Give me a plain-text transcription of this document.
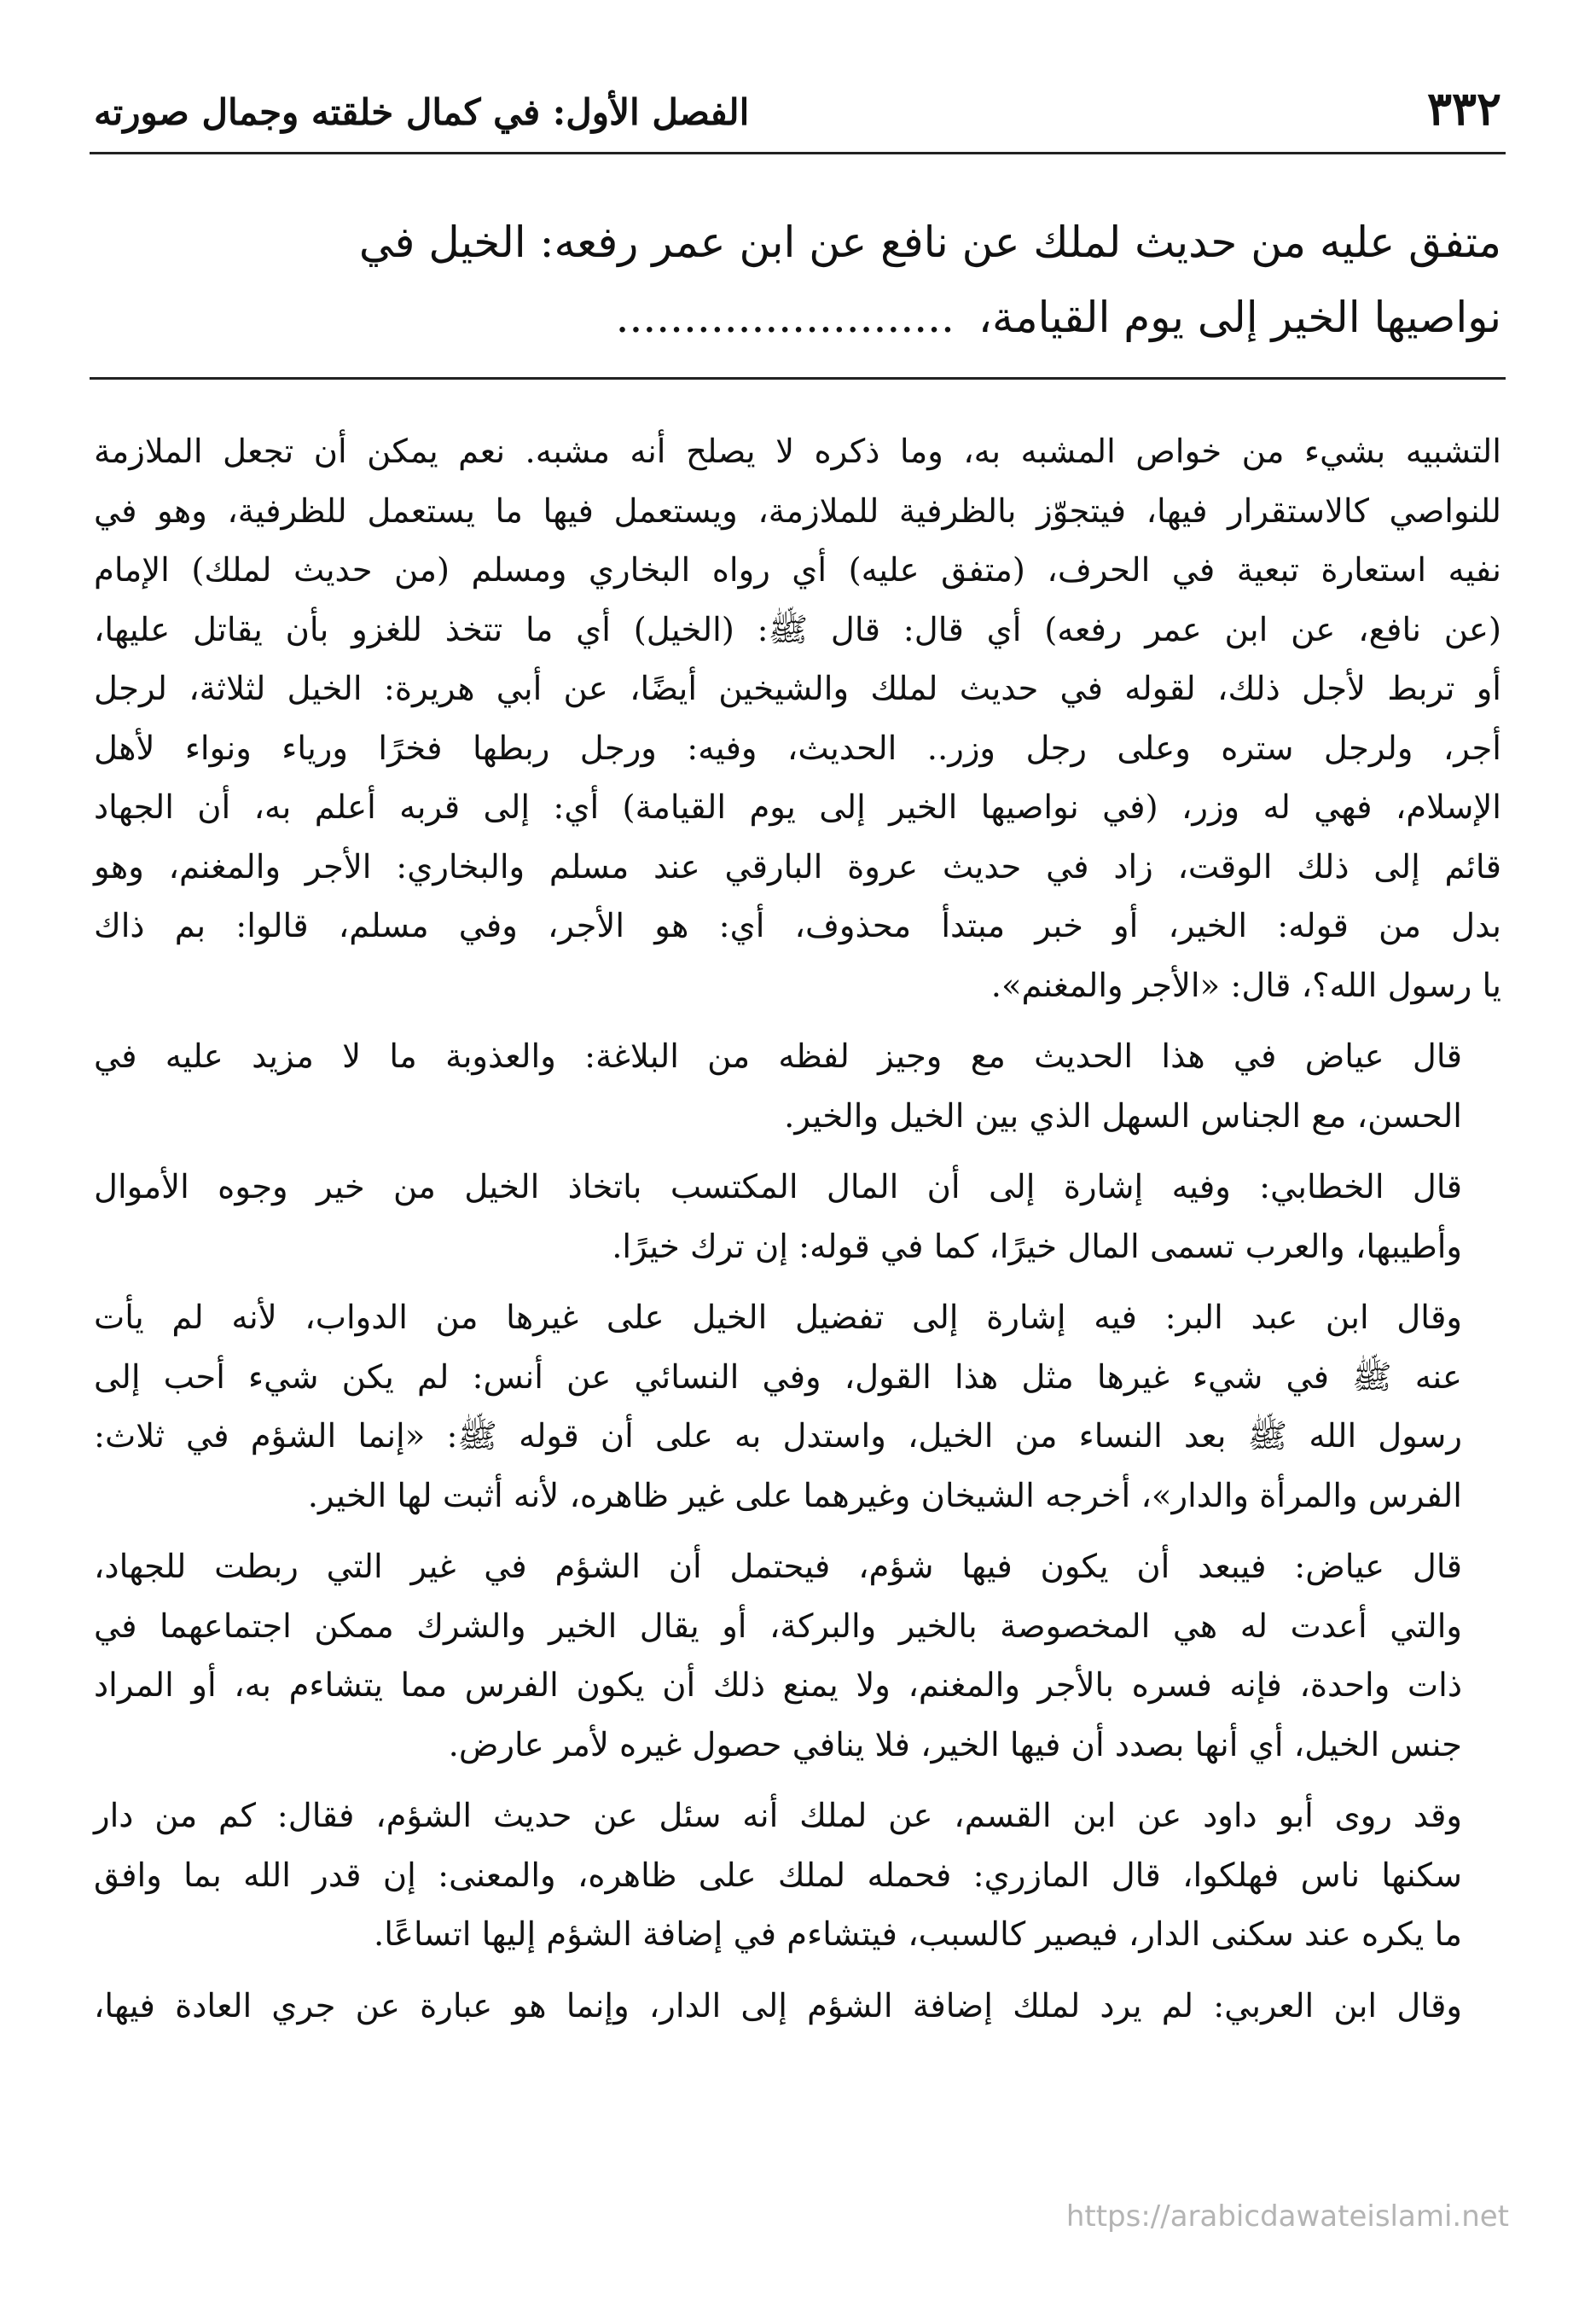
٣٣٢
الفصل الأول: في كمال خلقته وجمال صورته
متفق عليه من حديث لملك عن نافع عن ابن عمر رفعه: الخيل في
نواصيها الخير إلى يوم القيامة،.........................
التشبيه بشيء من خواص المشبه به، وما ذكره لا يصلح أنه مشبه. نعم يمكن أن تجعل الملازمة
للنواصي كالاستقرار فيها، فيتجوّز بالظرفية للملازمة، ويستعمل فيها ما يستعمل للظرفية، وهو في
نفيه استعارة تبعية في الحرف، (متفق عليه) أي رواه البخاري ومسلم (من حديث لملك) الإمام
(عن نافع، عن ابن عمر رفعه) أي قال: قال ﷺ: (الخيل) أي ما تتخذ للغزو بأن يقاتل عليها،
أو تربط لأجل ذلك، لقوله في حديث لملك والشيخين أيضًا، عن أبي هريرة: الخيل لثلاثة، لرجل
أجر، ولرجل ستره وعلى رجل وزر.. الحديث، وفيه: ورجل ربطها فخرًا ورياء ونواء لأهل
الإسلام، فهي له وزر، (في نواصيها الخير إلى يوم القيامة) أي: إلى قربه أعلم به، أن الجهاد
قائم إلى ذلك الوقت، زاد في حديث عروة البارقي عند مسلم والبخاري: الأجر والمغنم، وهو
بدل من قوله: الخير، أو خبر مبتدأ محذوف، أي: هو الأجر، وفي مسلم، قالوا: بم ذاك
يا رسول الله؟، قال: «الأجر والمغنم».
قال عياض في هذا الحديث مع وجيز لفظه من البلاغة: والعذوبة ما لا مزيد عليه في
الحسن، مع الجناس السهل الذي بين الخيل والخير.
قال الخطابي: وفيه إشارة إلى أن المال المكتسب باتخاذ الخيل من خير وجوه الأموال
وأطيبها، والعرب تسمى المال خيرًا، كما في قوله: إن ترك خيرًا.
وقال ابن عبد البر: فيه إشارة إلى تفضيل الخيل على غيرها من الدواب، لأنه لم يأت
عنه ﷺ في شيء غيرها مثل هذا القول، وفي النسائي عن أنس: لم يكن شيء أحب إلى
رسول الله ﷺ بعد النساء من الخيل، واستدل به على أن قوله ﷺ: «إنما الشؤم في ثلاث:
الفرس والمرأة والدار»، أخرجه الشيخان وغيرهما على غير ظاهره، لأنه أثبت لها الخير.
قال عياض: فيبعد أن يكون فيها شؤم، فيحتمل أن الشؤم في غير التي ربطت للجهاد،
والتي أعدت له هي المخصوصة بالخير والبركة، أو يقال الخير والشرك ممكن اجتماعهما في
ذات واحدة، فإنه فسره بالأجر والمغنم، ولا يمنع ذلك أن يكون الفرس مما يتشاءم به، أو المراد
جنس الخيل، أي أنها بصدد أن فيها الخير، فلا ينافي حصول غيره لأمر عارض.
وقد روى أبو داود عن ابن القسم، عن لملك أنه سئل عن حديث الشؤم، فقال: كم من دار
سكنها ناس فهلكوا، قال المازري: فحمله لملك على ظاهره، والمعنى: إن قدر الله بما وافق
ما يكره عند سكنى الدار، فيصير كالسبب، فيتشاءم في إضافة الشؤم إليها اتساعًا.
وقال ابن العربي: لم يرد لملك إضافة الشؤم إلى الدار، وإنما هو عبارة عن جري العادة فيها،
https://arabicdawateislami.net
